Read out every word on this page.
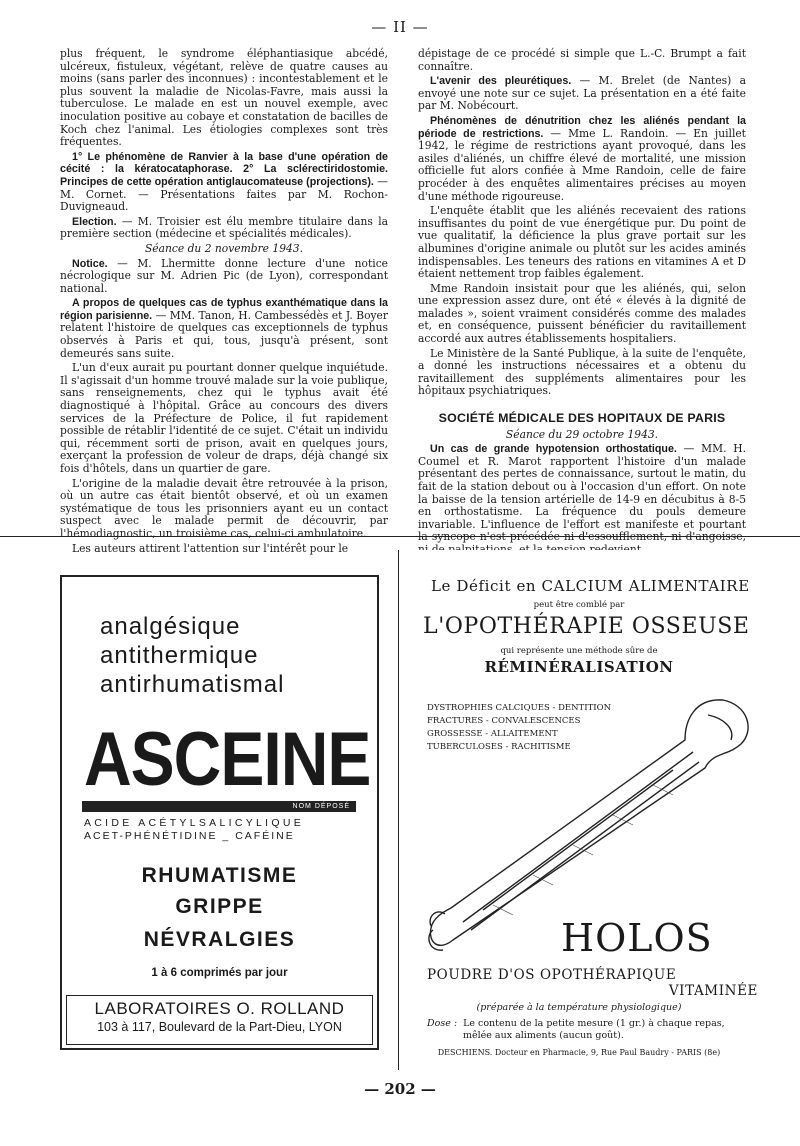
— II —

plus fréquent, le syndrome éléphantiasique abcédé, ulcéreux, fistuleux, végétant, relève de quatre causes au moins (sans parler des inconnues) : incontestablement et le plus souvent la maladie de Nicolas-Favre, mais aussi la tuberculose. Le malade en est un nouvel exemple, avec inoculation positive au cobaye et constatation de bacilles de Koch chez l'animal. Les étiologies complexes sont très fréquentes.

1° Le phénomène de Ranvier à la base d'une opération de cécité : la kératocataphorase. 2° La sclérectiridostomie. Principes de cette opération antiglaucomateuse (projections). — M. Cornet. — Présentations faites par M. Rochon-Duvigneaud.

Election. — M. Troisier est élu membre titulaire dans la première section (médecine et spécialités médicales).

Séance du 2 novembre 1943.

Notice. — M. Lhermitte donne lecture d'une notice nécrologique sur M. Adrien Pic (de Lyon), correspondant national.

A propos de quelques cas de typhus exanthématique dans la région parisienne. — MM. Tanon, H. Cambessédès et J. Boyer relatent l'histoire de quelques cas exceptionnels de typhus observés à Paris et qui, tous, jusqu'à présent, sont demeurés sans suite.

L'un d'eux aurait pu pourtant donner quelque inquiétude. Il s'agissait d'un homme trouvé malade sur la voie publique, sans renseignements, chez qui le typhus avait été diagnostiqué à l'hôpital. Grâce au concours des divers services de la Préfecture de Police, il fut rapidement possible de rétablir l'identité de ce sujet. C'était un individu qui, récemment sorti de prison, avait en quelques jours, exerçant la profession de voleur de draps, déjà changé six fois d'hôtels, dans un quartier de gare.

L'origine de la maladie devait être retrouvée à la prison, où un autre cas était bientôt observé, et où un examen systématique de tous les prisonniers ayant eu un contact suspect avec le malade permit de découvrir, par l'hémodiagnostic, un troisième cas, celui-ci ambulatoire.

Les auteurs attirent l'attention sur l'intérêt pour le

dépistage de ce procédé si simple que L.-C. Brumpt a fait connaître.

L'avenir des pleurétiques. — M. Brelet (de Nantes) a envoyé une note sur ce sujet. La présentation en a été faite par M. Nobécourt.

Phénomènes de dénutrition chez les aliénés pendant la période de restrictions. — Mme L. Randoin. — En juillet 1942, le régime de restrictions ayant provoqué, dans les asiles d'aliénés, un chiffre élevé de mortalité, une mission officielle fut alors confiée à Mme Randoin, celle de faire procéder à des enquêtes alimentaires précises au moyen d'une méthode rigoureuse.

L'enquête établit que les aliénés recevaient des rations insuffisantes du point de vue énergétique pur. Du point de vue qualitatif, la déficience la plus grave portait sur les albumines d'origine animale ou plutôt sur les acides aminés indispensables. Les teneurs des rations en vitamines A et D étaient nettement trop faibles également.

Mme Randoin insistait pour que les aliénés, qui, selon une expression assez dure, ont été « élevés à la dignité de malades », soient vraiment considérés comme des malades et, en conséquence, puissent bénéficier du ravitaillement accordé aux autres établissements hospitaliers.

Le Ministère de la Santé Publique, à la suite de l'enquête, a donné les instructions nécessaires et a obtenu du ravitaillement des suppléments alimentaires pour les hôpitaux psychiatriques.

SOCIÉTÉ MÉDICALE DES HOPITAUX DE PARIS

Séance du 29 octobre 1943.

Un cas de grande hypotension orthostatique. — MM. H. Coumel et R. Marot rapportent l'histoire d'un malade présentant des pertes de connaissance, surtout le matin, du fait de la station debout ou à l'occasion d'un effort. On note la baisse de la tension artérielle de 14-9 en décubitus à 8-5 en orthostatisme. La fréquence du pouls demeure invariable. L'influence de l'effort est manifeste et pourtant la syncope n'est précédée ni d'essoufflement, ni d'angoisse,

analgésique
antithermique
antirhumatismal
ASCEINE
NOM DÉPOSÉ
ACIDE ACÉTYLSALICYLIQUE
ACET-PHÉNÉTIDINE _ CAFÉINE
RHUMATISME
GRIPPE
NÉVRALGIES
1 à 6 comprimés par jour
LABORATOIRES O. ROLLAND
103 à 117, Boulevard de la Part-Dieu, LYON
Le Déficit en CALCIUM ALIMENTAIRE
peut être comblé par
L'OPOTHÉRAPIE OSSEUSE
qui représente une méthode sûre de
RÉMINÉRALISATION
DYSTROPHIES CALCIQUES - DENTITION
FRACTURES - CONVALESCENCES
GROSSESSE - ALLAITEMENT
TUBERCULOSES - RACHITISME
HOLOS
POUDRE D'OS OPOTHÉRAPIQUE
VITAMINÉE
(préparée à la température physiologique)
Dose : Le contenu de la petite mesure (1 gr.) à chaque repas,
mêlée aux aliments (aucun goût).
DESCHIENS. Docteur en Pharmacie, 9, Rue Paul Baudry - PARIS (8e)
— 202 —
